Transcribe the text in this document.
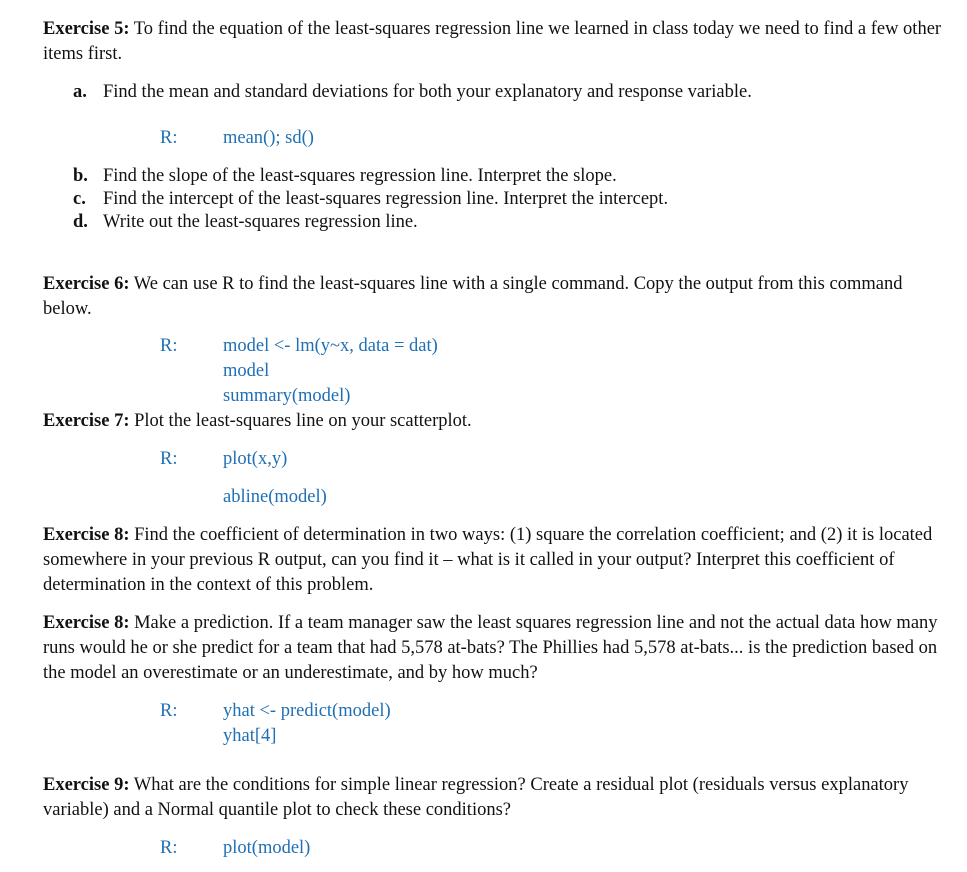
Exercise 5: To find the equation of the least-squares regression line we learned in class today we need to find a few other items first.

a. Find the mean and standard deviations for both your explanatory and response variable.
R: mean(); sd()
b. Find the slope of the least-squares regression line. Interpret the slope.
c. Find the intercept of the least-squares regression line. Interpret the intercept.
d. Write out the least-squares regression line.

Exercise 6: We can use R to find the least-squares line with a single command. Copy the output from this command below.

R: model <- lm(y~x, data = dat)
model
summary(model)

Exercise 7: Plot the least-squares line on your scatterplot.

R: plot(x,y)
abline(model)

Exercise 8: Find the coefficient of determination in two ways: (1) square the correlation coefficient; and (2) it is located somewhere in your previous R output, can you find it – what is it called in your output? Interpret this coefficient of determination in the context of this problem.

Exercise 8: Make a prediction. If a team manager saw the least squares regression line and not the actual data how many runs would he or she predict for a team that had 5,578 at-bats? The Phillies had 5,578 at-bats... is the prediction based on the model an overestimate or an underestimate, and by how much?

R: yhat <- predict(model)
yhat[4]

Exercise 9: What are the conditions for simple linear regression? Create a residual plot (residuals versus explanatory variable) and a Normal quantile plot to check these conditions?

R: plot(model)
